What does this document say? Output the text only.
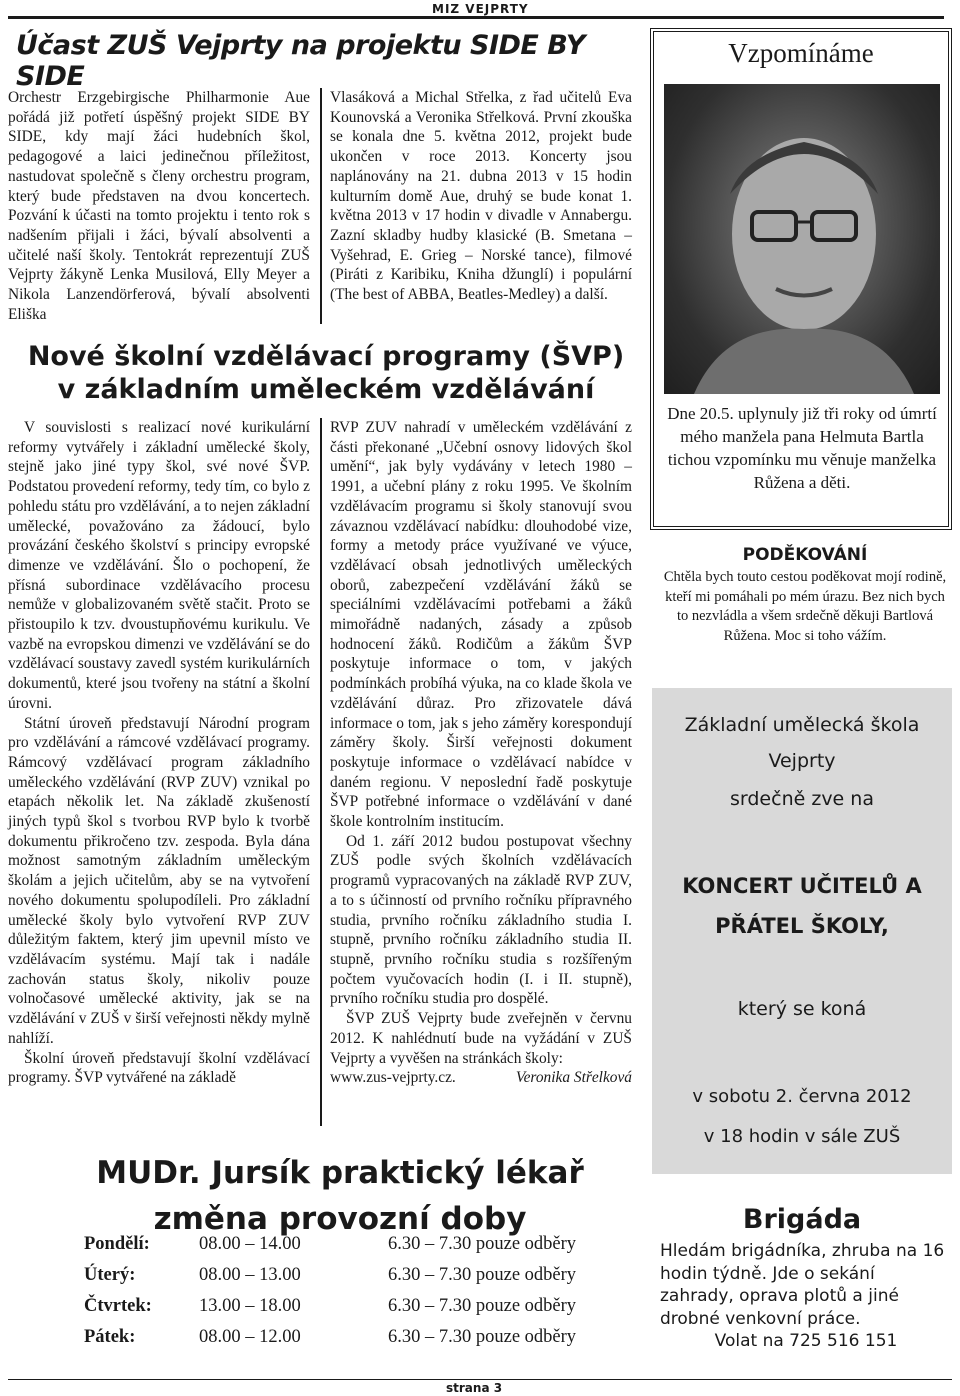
MIZ VEJPRTY
Účast ZUŠ Vejprty na projektu SIDE BY SIDE

Orchestr Erzgebirgische Philharmonie Aue pořádá již potřetí úspěšný projekt SIDE BY SIDE, kdy mají žáci hudebních škol, pedagogové a laici jedinečnou příležitost, nastudovat společně s členy orchestru program, který bude představen na dvou koncertech. Pozvání k účasti na tomto projektu i tento rok s nadšením přijali i žáci, bývalí absolventi a učitelé naší školy. Tentokrát reprezentují ZUŠ Vejprty žákyně Lenka Musilová, Elly Meyer a Nikola Lanzendörferová, bývalí absolventi Eliška

Vlasáková a Michal Střelka, z řad učitelů Eva Kounovská a Veronika Střelková. První zkouška se konala dne 5. května 2012, projekt bude ukončen v roce 2013. Koncerty jsou naplánovány na 21. dubna 2013 v 15 hodin kulturním domě Aue, druhý se bude konat 1. května 2013 v 17 hodin v divadle v Annabergu. Zazní skladby hudby klasické (B. Smetana – Vyšehrad, E. Grieg – Norské tance), filmové (Piráti z Karibiku, Kniha džunglí) i populární (The best of ABBA, Beatles-Medley) a další.

Nové školní vzdělávací programy (ŠVP)
v základním uměleckém vzdělávání

V souvislosti s realizací nové kurikulární reformy vytvářely i základní umělecké školy, stejně jako jiné typy škol, své nové ŠVP. Podstatou provedení reformy, tedy tím, co bylo z pohledu státu pro vzdělávání, a to nejen základní umělecké, považováno za žádoucí, bylo provázání českého školství s principy evropské dimenze ve vzdělávání. Šlo o pochopení, že přísná subordinace vzdělávacího procesu nemůže v globalizovaném světě stačit. Proto se přistoupilo k tzv. dvoustupňovému kurikulu. Ve vazbě na evropskou dimenzi ve vzdělávání se do vzdělávací soustavy zavedl systém kurikulárních dokumentů, které jsou tvořeny na státní a školní úrovni.

Státní úroveň představují Národní program pro vzdělávání a rámcové vzdělávací programy. Rámcový vzdělávací program základního uměleckého vzdělávání (RVP ZUV) vznikal po etapách několik let. Na základě zkušeností jiných typů škol s tvorbou RVP bylo k tvorbě dokumentu přikročeno tzv. zespoda. Byla dána možnost samotným základním uměleckým školám a jejich učitelům, aby se na vytvoření nového dokumentu spolupodíleli. Pro základní umělecké školy bylo vytvoření RVP ZUV důležitým faktem, který jim upevnil místo ve vzdělávacím systému. Mají tak i nadále zachován status školy, nikoliv pouze volnočasové umělecké aktivity, jak se na vzdělávání v ZUŠ v širší veřejnosti někdy mylně nahlíží.

Školní úroveň představují školní vzdělávací programy. ŠVP vytvářené na základě

RVP ZUV nahradí v uměleckém vzdělávání z části překonané „Učební osnovy lidových škol umění“, jak byly vydávány v letech 1980 – 1991, a učební plány z roku 1995. Ve školním vzdělávacím programu si školy stanovují svou závaznou vzdělávací nabídku: dlouhodobé vize, formy a metody práce využívané ve výuce, vzdělávací obsah jednotlivých uměleckých oborů, zabezpečení vzdělávání žáků se speciálními vzdělávacími potřebami a žáků mimořádně nadaných, zásady a způsob hodnocení žáků. Rodičům a žákům ŠVP poskytuje informace o tom, v jakých podmínkách probíhá výuka, na co klade škola ve vzdělávání důraz. Pro zřizovatele dává informace o tom, jak s jeho záměry korespondují záměry školy. Širší veřejnosti dokument poskytuje informace o vzdělávací nabídce v daném regionu. V neposlední řadě poskytuje ŠVP potřebné informace o vzdělávání v dané škole kontrolním institucím.

Od 1. září 2012 budou postupovat všechny ZUŠ podle svých školních vzdělávacích programů vypracovaných na základě RVP ZUV, a to s účinností od prvního ročníku přípravného studia, prvního ročníku základního studia I. stupně, prvního ročníku základního studia II. stupně, prvního ročníku studia s rozšířeným počtem vyučovacích hodin (I. i II. stupně), prvního ročníku studia pro dospělé.

ŠVP ZUŠ Vejprty bude zveřejněn v červnu 2012. K nahlédnutí bude na vyžádání v ZUŠ Vejprty a vyvěšen na stránkách školy:

www.zus-vejprty.cz.	Veronika Střelková

Vzpomínáme
Dne 20.5. uplynuly již tři roky od úmrtí mého manžela pana Helmuta Bartla tichou vzpomínku mu věnuje manželka Růžena a děti.
PODĚKOVÁNÍ
Chtěla bych touto cestou poděkovat mojí rodině, kteří mi pomáhali po mém úrazu. Bez nich bych to nezvládla a všem srdečně děkuji Bartlová Růžena. Moc si toho vážím.
Základní umělecká škola
Vejprty
srdečně zve na
KONCERT UČITELŮ A
PŘÁTEL ŠKOLY,
který se koná
v sobotu 2. června 2012
v 18 hodin v sále ZUŠ
Brigáda
Hledám brigádníka, zhruba na 16 hodin týdně. Jde o sekání zahrady, oprava plotů a jiné drobné venkovní práce.
Volat na 725 516 151
MUDr. Jursík praktický lékař
změna provozní doby
Pondělí:	08.00 – 14.00	6.30 – 7.30 pouze odběry
Úterý:	08.00 – 13.00	6.30 – 7.30 pouze odběry
Čtvrtek:	13.00 – 18.00	6.30 – 7.30 pouze odběry
Pátek:	08.00 – 12.00	6.30 – 7.30 pouze odběry
strana 3
